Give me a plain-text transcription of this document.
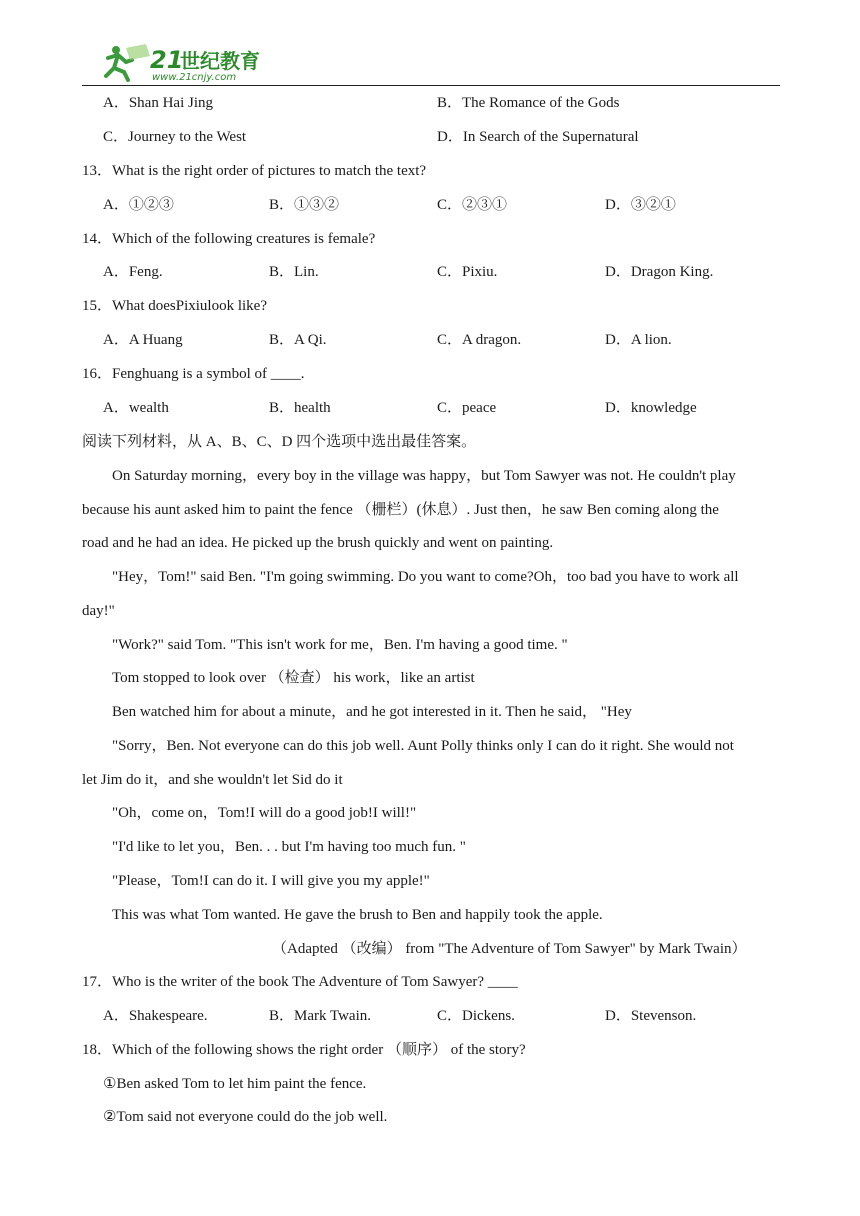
21
世纪教育
www.21cnjy.com
A．Shan Hai Jing	B．The Romance of the Gods
C．Journey to the West	D．In Search of the Supernatural
13．What is the right order of pictures to match the text?
A．①②③	B．①③②	C．②③①	D．③②①
14．Which of the following creatures is female?
A．Feng.	B．Lin.	C．Pixiu.	D．Dragon King.
15．What doesPixiulook like?
A．A Huang	B．A Qi.	C．A dragon.	D．A lion.
16．Fenghuang is a symbol of ____.
A．wealth	B．health	C．peace	D．knowledge
阅读下列材料，从 A、B、C、D 四个选项中选出最佳答案。
On Saturday morning，every boy in the village was happy，but Tom Sawyer was not. He couldn't play
because his aunt asked him to paint the fence （栅栏）(休息）. Just then，he saw Ben coming along the
road and he had an idea. He picked up the brush quickly and went on painting.
"Hey，Tom!" said Ben. "I'm going swimming. Do you want to come?Oh，too bad you have to work all
day!"
"Work?" said Tom. "This isn't work for me，Ben. I'm having a good time. "
Tom stopped to look over （检查） his work，like an artist
Ben watched him for about a minute，and he got interested in it. Then he said， "Hey
"Sorry，Ben. Not everyone can do this job well. Aunt Polly thinks only I can do it right. She would not
let Jim do it，and she wouldn't let Sid do it
"Oh，come on，Tom!I will do a good job!I will!"
"I'd like to let you，Ben. . . but I'm having too much fun. "
"Please，Tom!I can do it. I will give you my apple!"
This was what Tom wanted. He gave the brush to Ben and happily took the apple.
（Adapted （改编） from "The Adventure of Tom Sawyer" by Mark Twain）
17．Who is the writer of the book The Adventure of Tom Sawyer? ____
A．Shakespeare.	B．Mark Twain.	C．Dickens.	D．Stevenson.
18．Which of the following shows the right order （顺序） of the story?
①Ben asked Tom to let him paint the fence.
②Tom said not everyone could do the job well.
